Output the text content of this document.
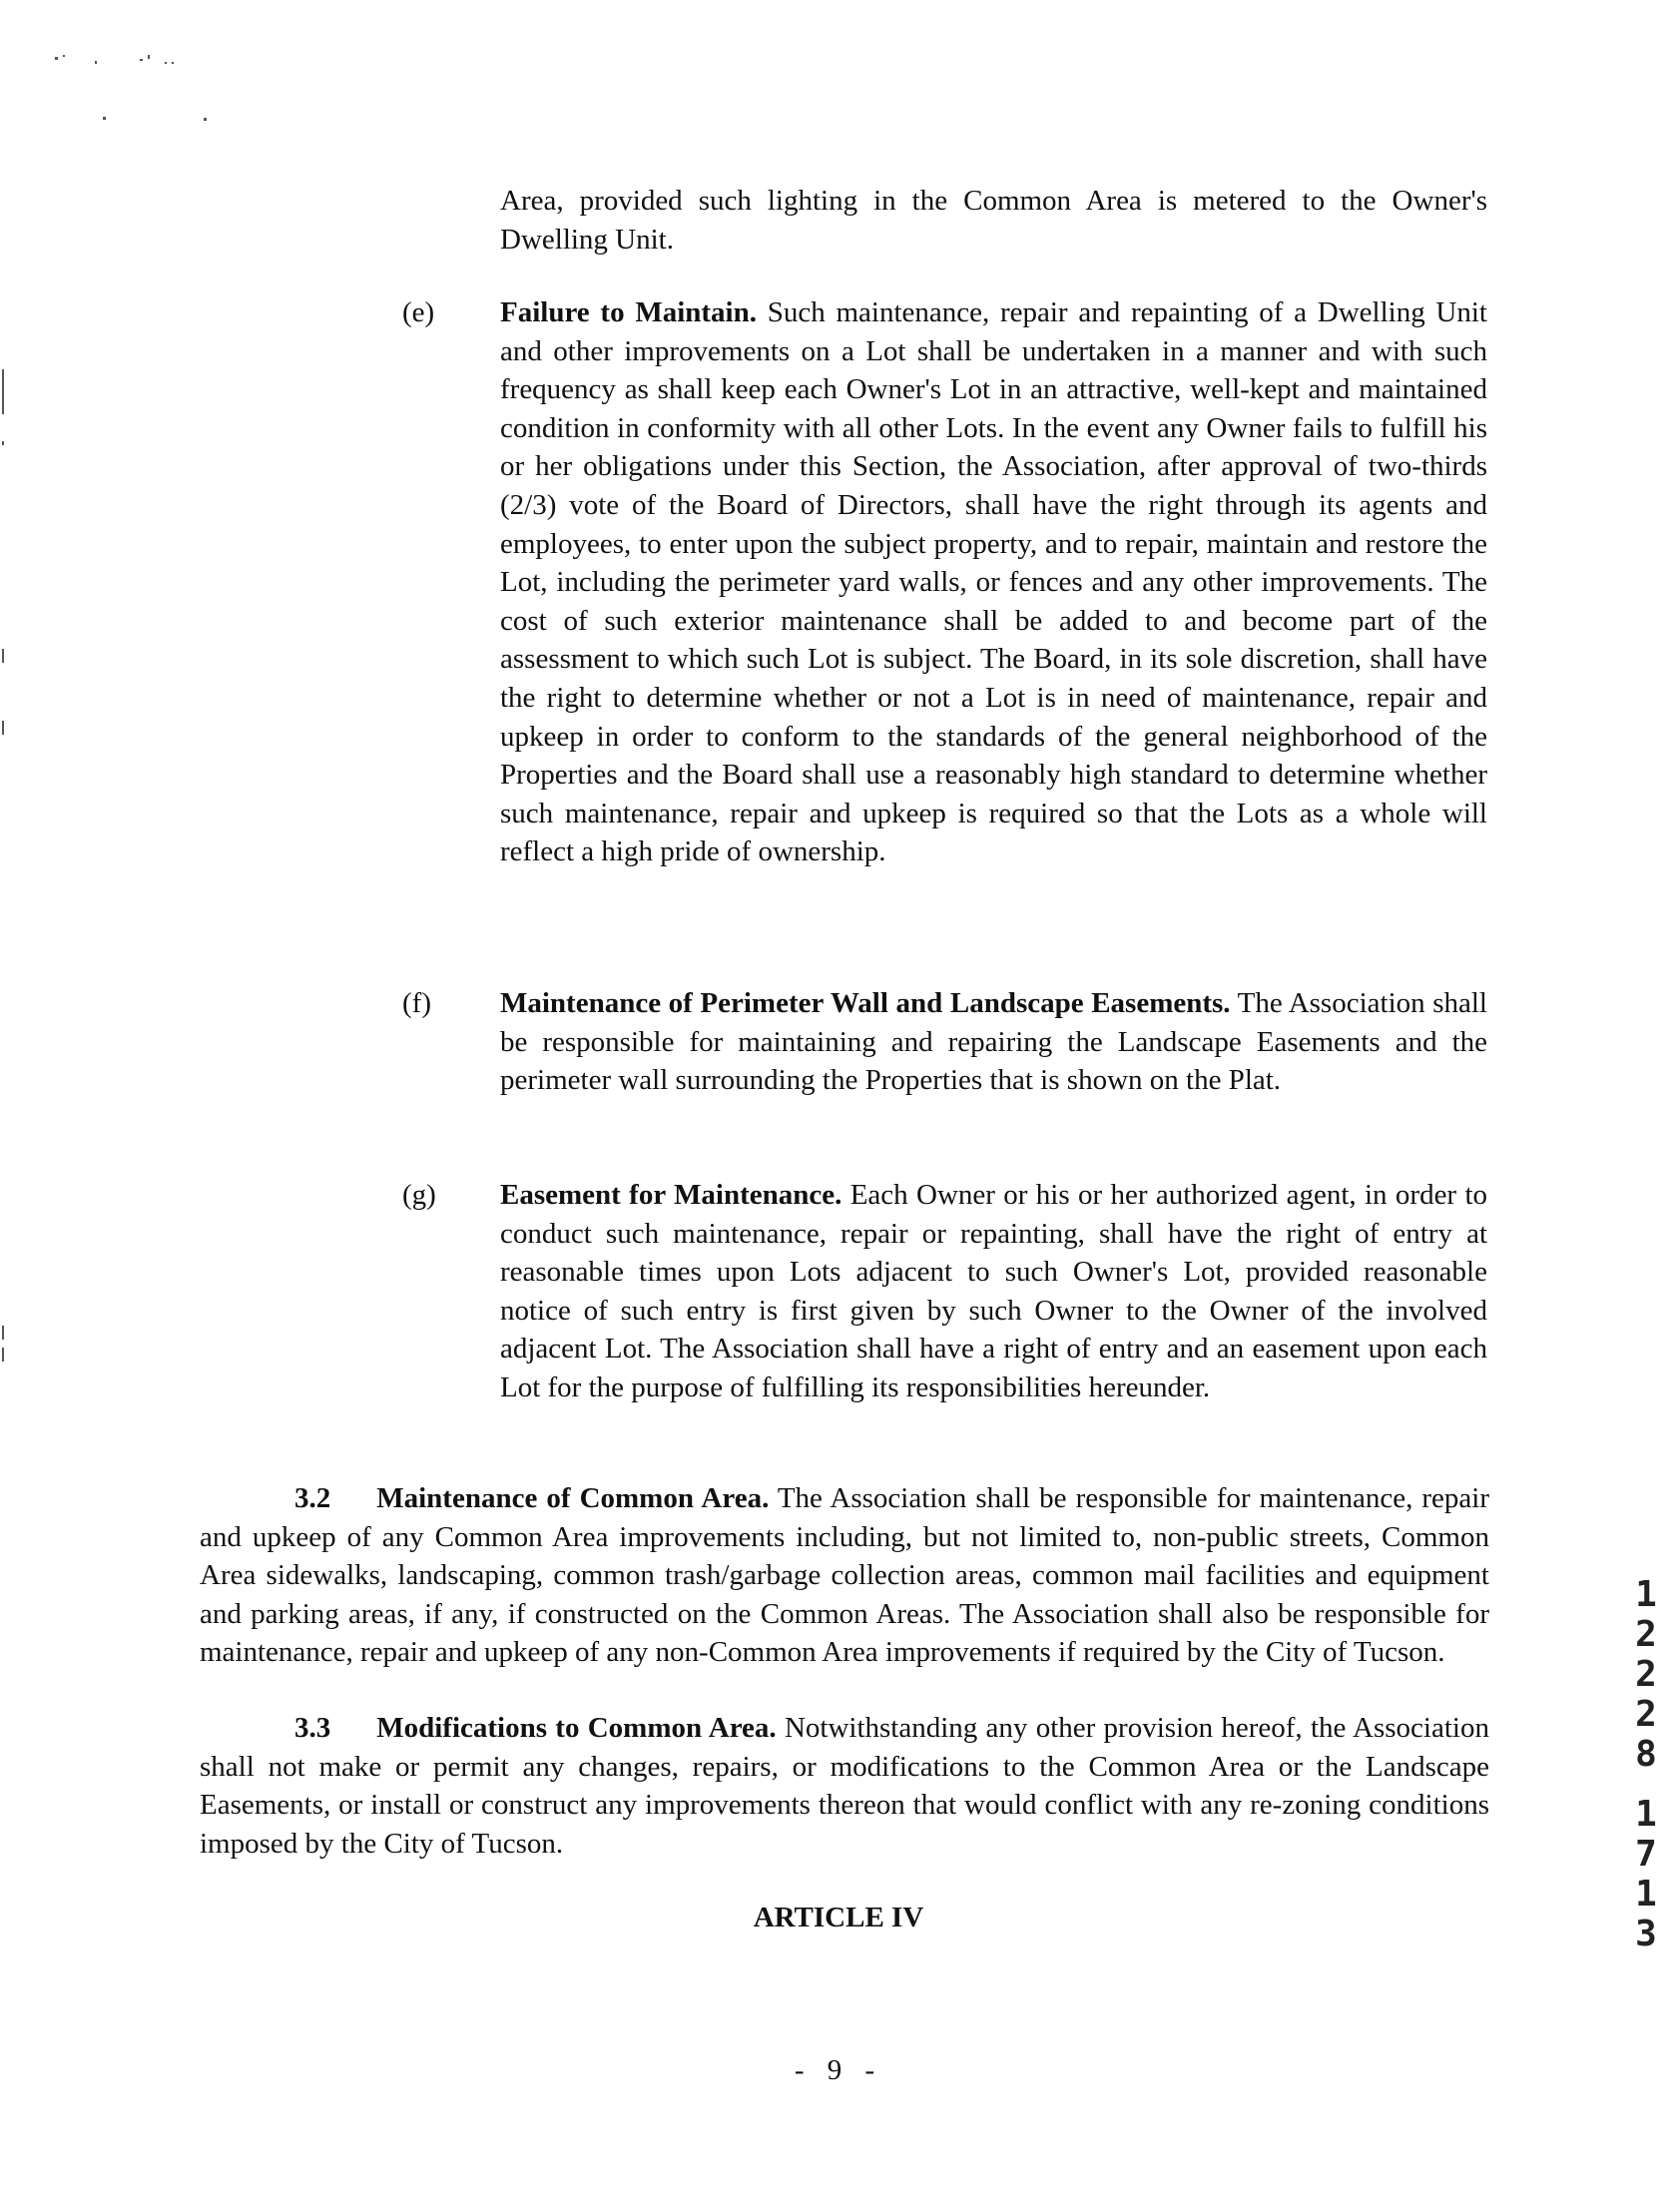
Area, provided such lighting in the Common Area is metered to the Owner's Dwelling Unit.

(e) Failure to Maintain. Such maintenance, repair and repainting of a Dwelling Unit and other improvements on a Lot shall be undertaken in a manner and with such frequency as shall keep each Owner's Lot in an attractive, well-kept and maintained condition in conformity with all other Lots. In the event any Owner fails to fulfill his or her obligations under this Section, the Association, after approval of two-thirds (2/3) vote of the Board of Directors, shall have the right through its agents and employees, to enter upon the subject property, and to repair, maintain and restore the Lot, including the perimeter yard walls, or fences and any other improvements. The cost of such exterior maintenance shall be added to and become part of the assessment to which such Lot is subject. The Board, in its sole discretion, shall have the right to determine whether or not a Lot is in need of maintenance, repair and upkeep in order to conform to the standards of the general neighborhood of the Properties and the Board shall use a reasonably high standard to determine whether such maintenance, repair and upkeep is required so that the Lots as a whole will reflect a high pride of ownership.

(f) Maintenance of Perimeter Wall and Landscape Easements. The Association shall be responsible for maintaining and repairing the Landscape Easements and the perimeter wall surrounding the Properties that is shown on the Plat.

(g) Easement for Maintenance. Each Owner or his or her authorized agent, in order to conduct such maintenance, repair or repainting, shall have the right of entry at reasonable times upon Lots adjacent to such Owner's Lot, provided reasonable notice of such entry is first given by such Owner to the Owner of the involved adjacent Lot. The Association shall have a right of entry and an easement upon each Lot for the purpose of fulfilling its responsibilities hereunder.

3.2 Maintenance of Common Area. The Association shall be responsible for maintenance, repair and upkeep of any Common Area improvements including, but not limited to, non-public streets, Common Area sidewalks, landscaping, common trash/garbage collection areas, common mail facilities and equipment and parking areas, if any, if constructed on the Common Areas. The Association shall also be responsible for maintenance, repair and upkeep of any non-Common Area improvements if required by the City of Tucson.

3.3 Modifications to Common Area. Notwithstanding any other provision hereof, the Association shall not make or permit any changes, repairs, or modifications to the Common Area or the Landscape Easements, or install or construct any improvements thereon that would conflict with any re-zoning conditions imposed by the City of Tucson.

ARTICLE IV
- 9 -
1
2
2
2
8
1
7
1
3
